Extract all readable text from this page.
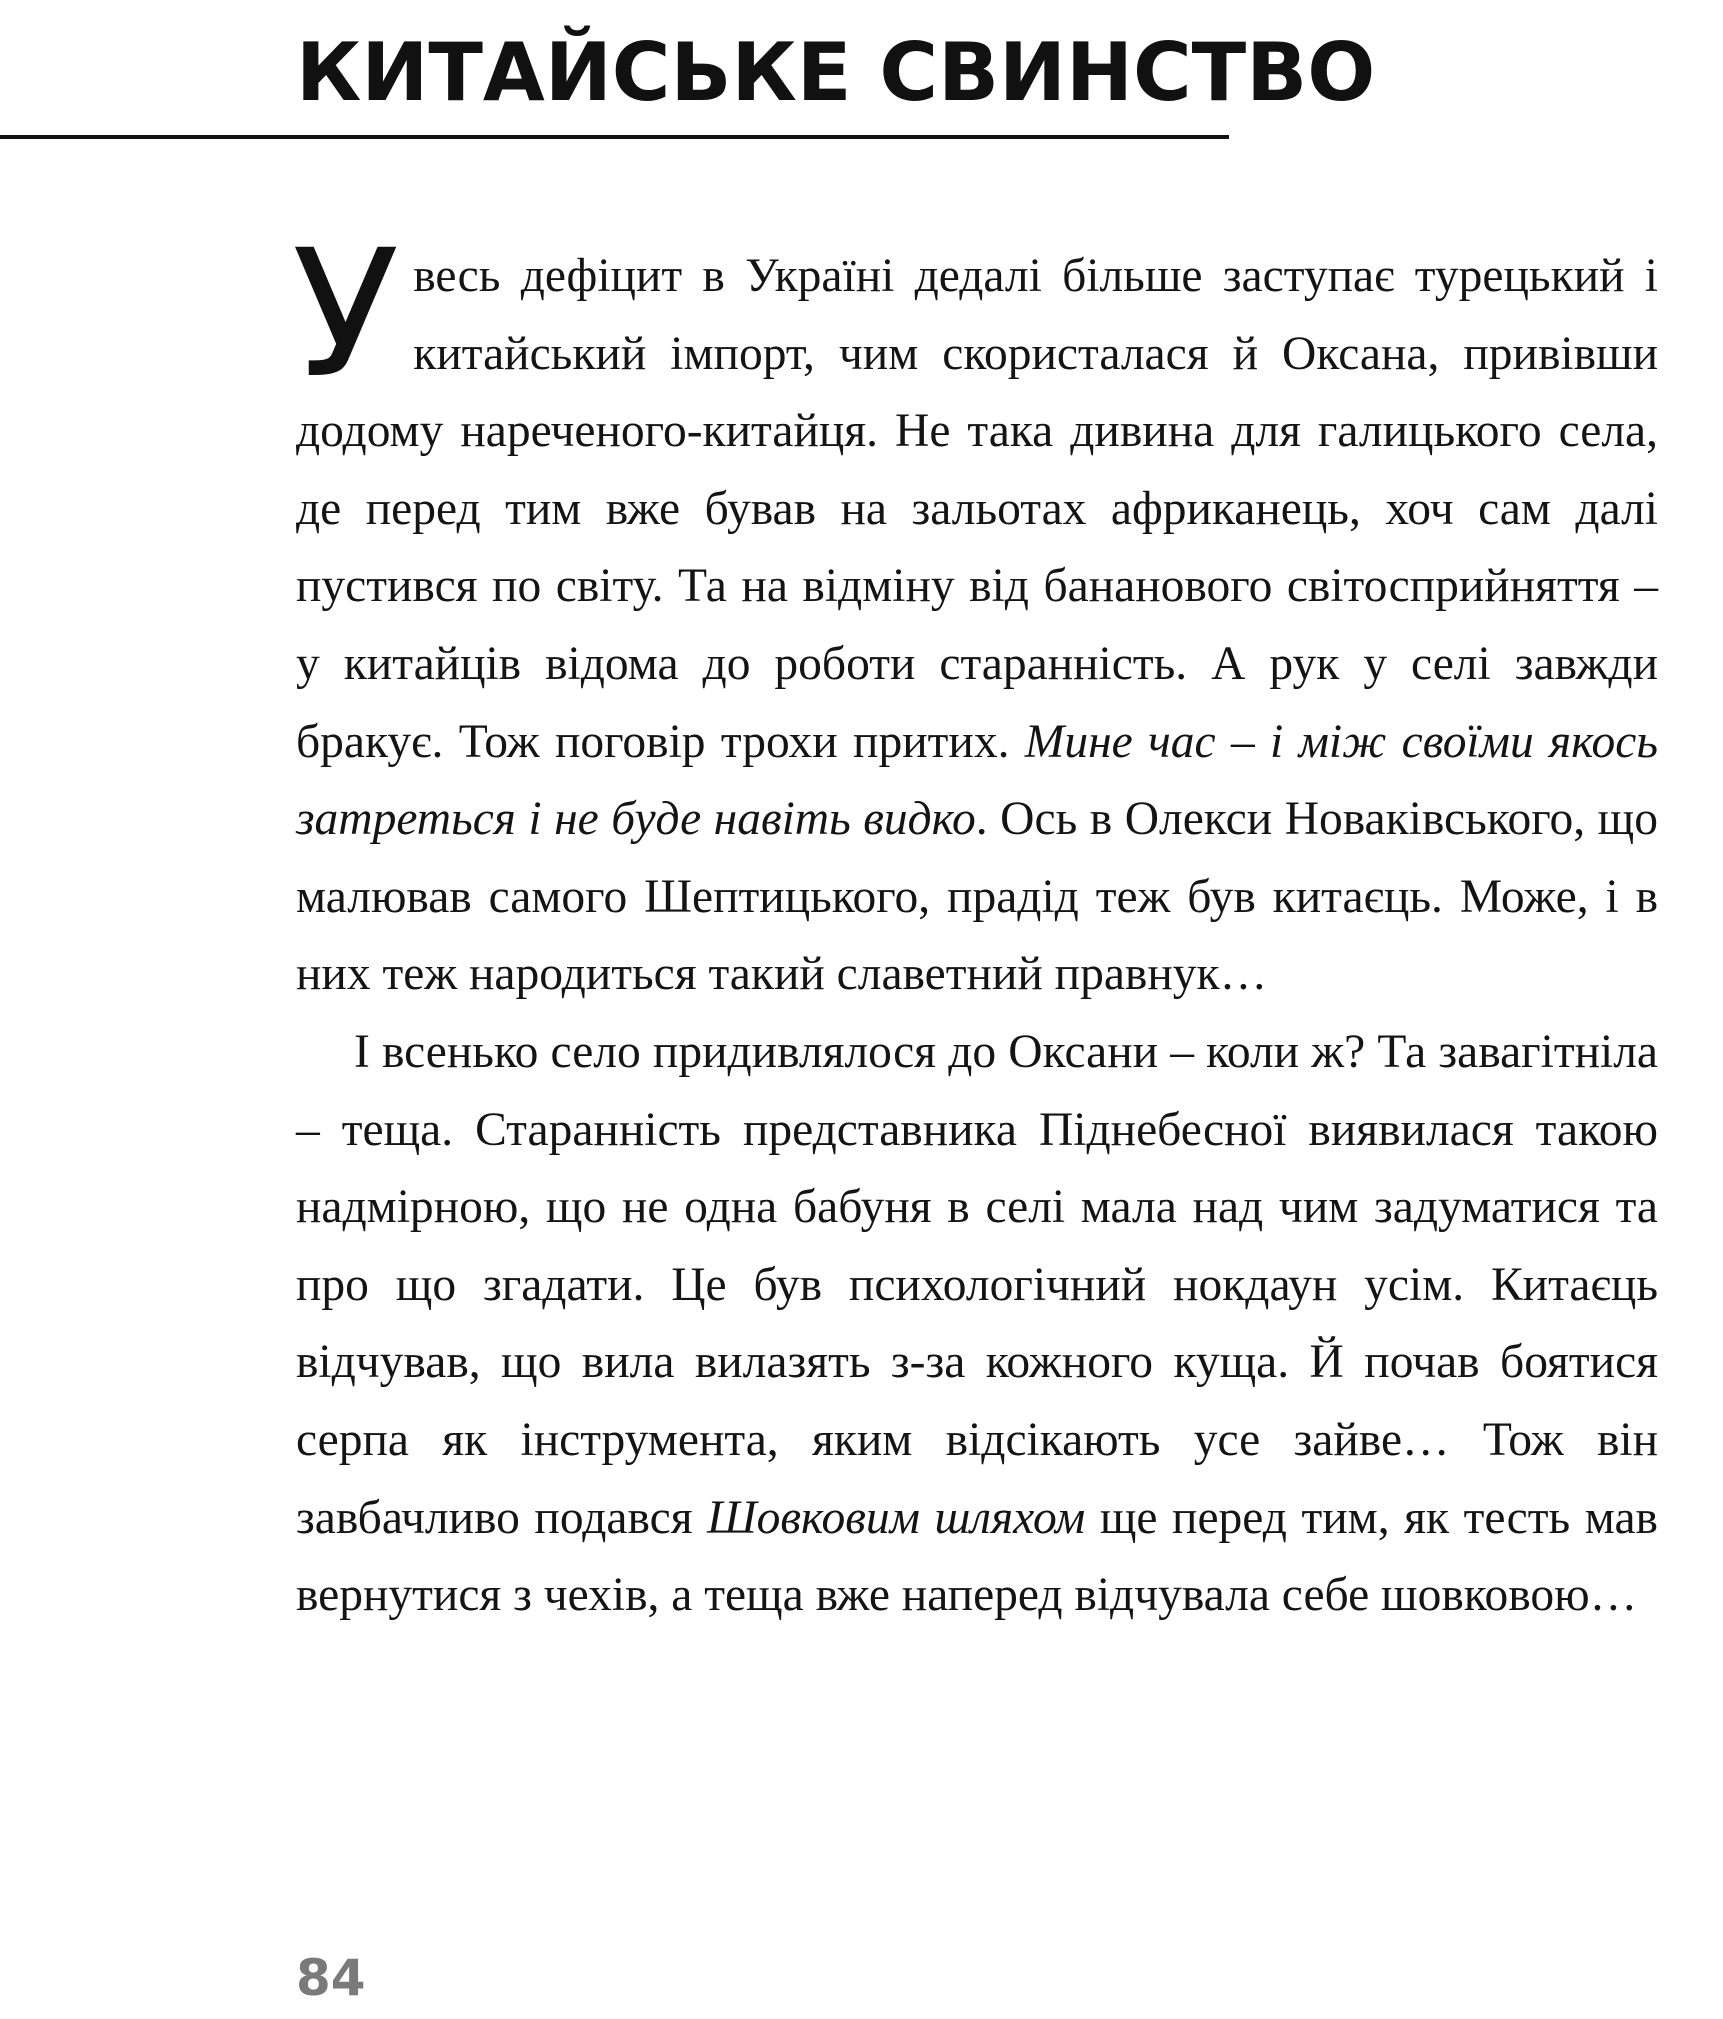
КИТАЙСЬКЕ СВИНСТВО

Увесь дефіцит в Україні дедалі більше заступає турецький і китайський імпорт, чим скористалася й Оксана, привівши додому нареченого-китайця. Не така дивина для галицького села, де перед тим вже бував на зальотах африканець, хоч сам далі пустився по світу. Та на відміну від бананового світосприйняття – у китайців відома до роботи старанність. А рук у селі завжди бракує. Тож поговір трохи притих. Мине час – і між своїми якось затреться і не буде навіть видко. Ось в Олекси Новаківського, що малював самого Шептицького, прадід теж був китаєць. Може, і в них теж народиться такий славетний правнук…

І всенько село придивлялося до Оксани – коли ж? Та завагітніла – теща. Старанність представника Піднебесної виявилася такою надмірною, що не одна бабуня в селі мала над чим задуматися та про що згадати. Це був психологічний нокдаун усім. Китаєць відчував, що вила вилазять з-за кожного куща. Й почав боятися серпа як інструмента, яким відсікають усе зайве… Тож він завбачливо подався Шовковим шляхом ще перед тим, як тесть мав вернутися з чехів, а теща вже наперед відчувала себе шовковою…

84
